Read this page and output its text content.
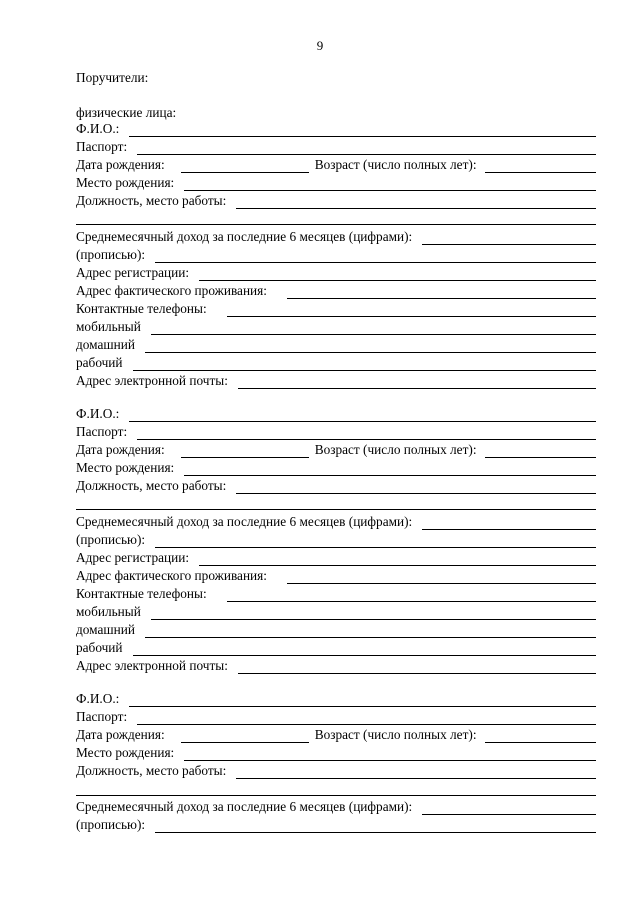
9
Поручители:
физические лица:
Ф.И.О.:
Паспорт:
Дата рождения:	Возраст (число полных лет):
Место рождения:
Должность, место работы:
Среднемесячный доход за последние 6 месяцев (цифрами):
(прописью):
Адрес регистрации:
Адрес фактического проживания:
Контактные телефоны:
мобильный
домашний
рабочий
Адрес электронной почты:
Ф.И.О.:
Паспорт:
Дата рождения:	Возраст (число полных лет):
Место рождения:
Должность, место работы:
Среднемесячный доход за последние 6 месяцев (цифрами):
(прописью):
Адрес регистрации:
Адрес фактического проживания:
Контактные телефоны:
мобильный
домашний
рабочий
Адрес электронной почты:
Ф.И.О.:
Паспорт:
Дата рождения:	Возраст (число полных лет):
Место рождения:
Должность, место работы:
Среднемесячный доход за последние 6 месяцев (цифрами):
(прописью):
